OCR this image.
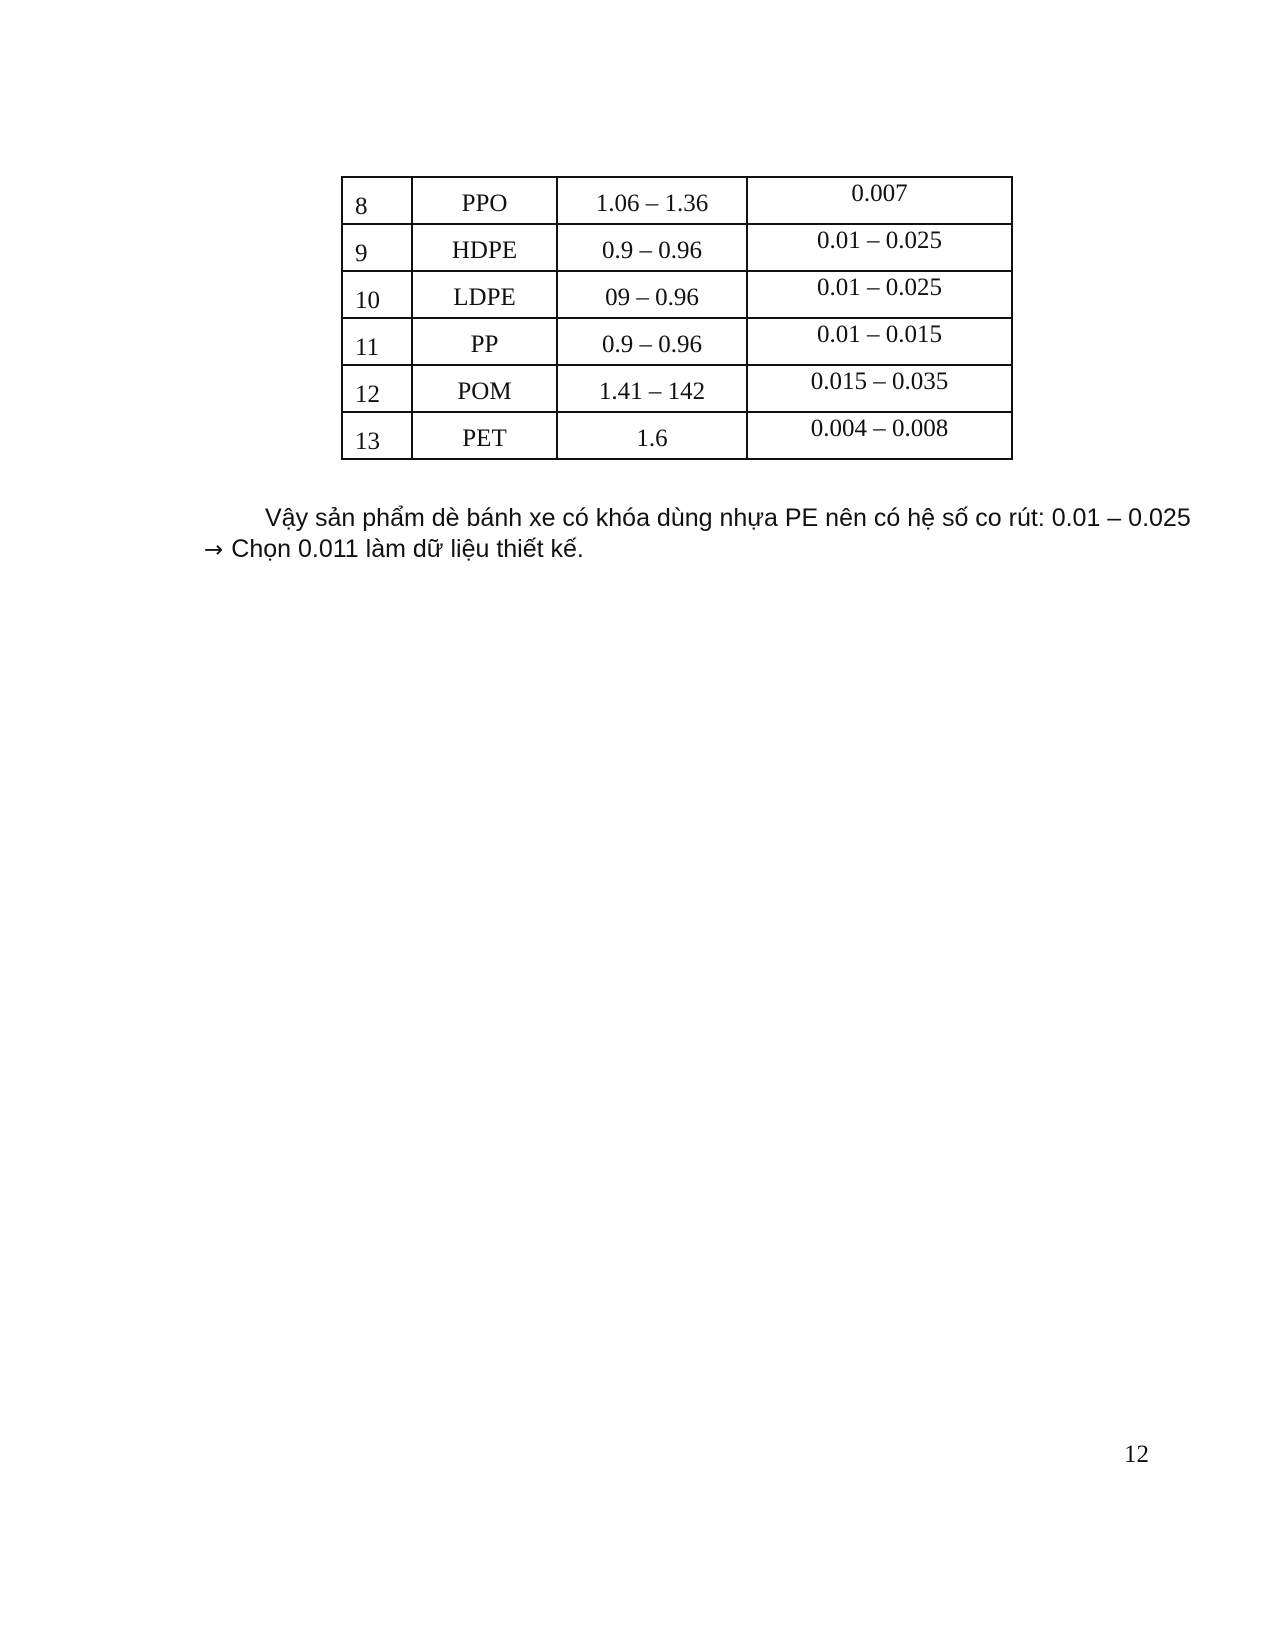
8	PPO	1.06 – 1.36	0.007

9	HDPE	0.9 – 0.96	0.01 – 0.025

10	LDPE	09 – 0.96	0.01 – 0.025

11	PP	0.9 – 0.96	0.01 – 0.015

12	POM	1.41 – 142	0.015 – 0.035

13	PET	1.6	0.004 – 0.008
Vậy sản phẩm dè bánh xe có khóa dùng nhựa PE nên có hệ số co rút: 0.01 – 0.025
→ Chọn 0.011 làm dữ liệu thiết kế.
12
